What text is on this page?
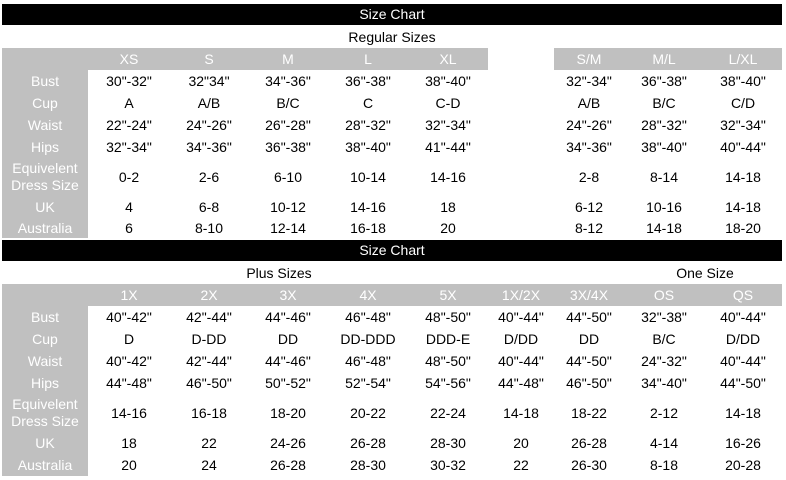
Size Chart
Regular Sizes
	XS	S	M	L	XL		S/M	M/L	L/XL
Bust	30"-32"	32"34"	34"-36"	36"-38"	38"-40"		32"-34"	36"-38"	38"-40"
Cup	A	A/B	B/C	C	C-D		A/B	B/C	C/D
Waist	22"-24"	24"-26"	26"-28"	28"-32"	32"-34"		24"-26"	28"-32"	32"-34"
Hips	32"-34"	34"-36"	36"-38"	38"-40"	41"-44"		34"-36"	38"-40"	40"-44"
Equivelent Dress Size	0-2	2-6	6-10	10-14	14-16		2-8	8-14	14-18
UK	4	6-8	10-12	14-16	18		6-12	10-16	14-18
Australia	6	8-10	12-14	16-18	20		8-12	14-18	18-20
Size Chart
Plus Sizes	One Size
	1X	2X	3X	4X	5X	1X/2X	3X/4X	OS	QS
Bust	40"-42"	42"-44"	44"-46"	46"-48"	48"-50"	40"-44"	44"-50"	32"-38"	40"-44"
Cup	D	D-DD	DD	DD-DDD	DDD-E	D/DD	DD	B/C	D/DD
Waist	40"-42"	42"-44"	44"-46"	46"-48"	48"-50"	40"-44"	44"-50"	24"-32"	40"-44"
Hips	44"-48"	46"-50"	50"-52"	52"-54"	54"-56"	44"-48"	46"-50"	34"-40"	44"-50"
Equivelent Dress Size	14-16	16-18	18-20	20-22	22-24	14-18	18-22	2-12	14-18
UK	18	22	24-26	26-28	28-30	20	26-28	4-14	16-26
Australia	20	24	26-28	28-30	30-32	22	26-30	8-18	20-28
